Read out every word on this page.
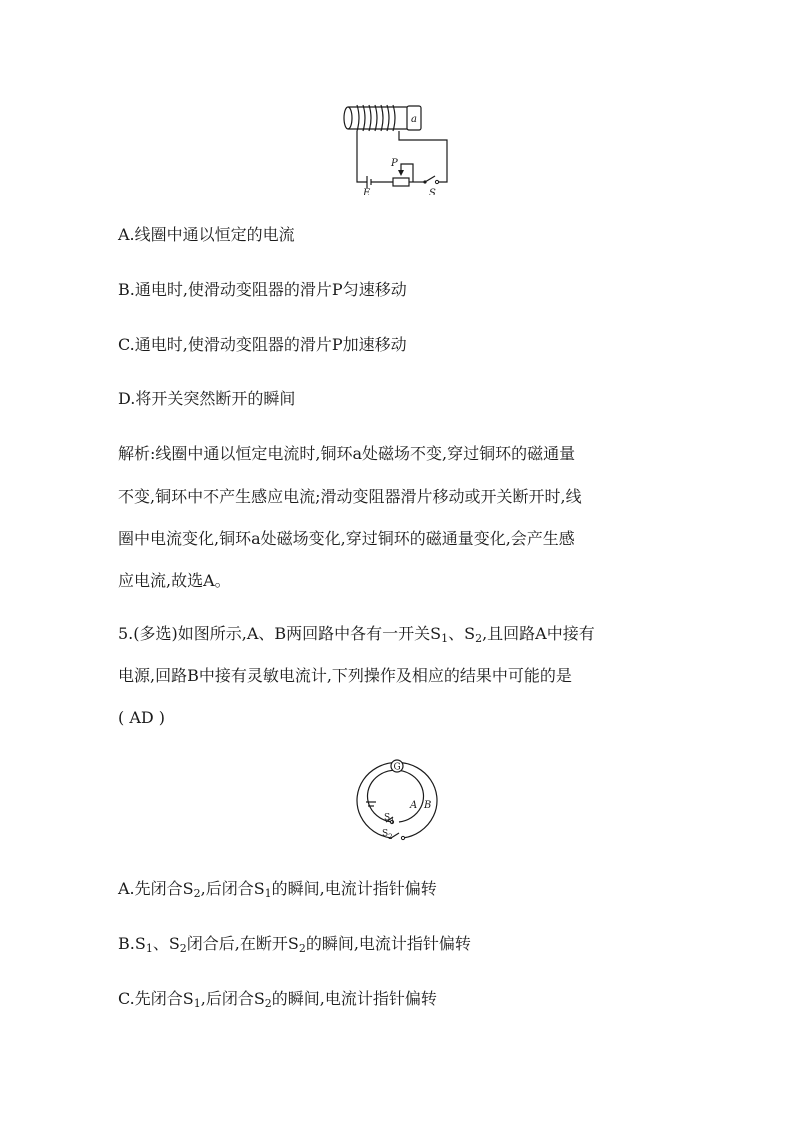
a
P
E	S
A.线圈中通以恒定的电流
B.通电时,使滑动变阻器的滑片P匀速移动
C.通电时,使滑动变阻器的滑片P加速移动
D.将开关突然断开的瞬间
解析:线圈中通以恒定电流时,铜环a处磁场不变,穿过铜环的磁通量
不变,铜环中不产生感应电流;滑动变阻器滑片移动或开关断开时,线
圈中电流变化,铜环a处磁场变化,穿过铜环的磁通量变化,会产生感
应电流,故选A。
5.(多选)如图所示,A、B两回路中各有一开关$S_1$、$S_2$,且回路A中接有
电源,回路B中接有灵敏电流计,下列操作及相应的结果中可能的是
( AD )
G
A B
$S_1$
$S_2$
A.先闭合$S_2$,后闭合$S_1$的瞬间,电流计指针偏转
$B.S_1$、$S_2$闭合后,在断开$S_2$的瞬间,电流计指针偏转
C.先闭合$S_1$,后闭合$S_2$的瞬间,电流计指针偏转
